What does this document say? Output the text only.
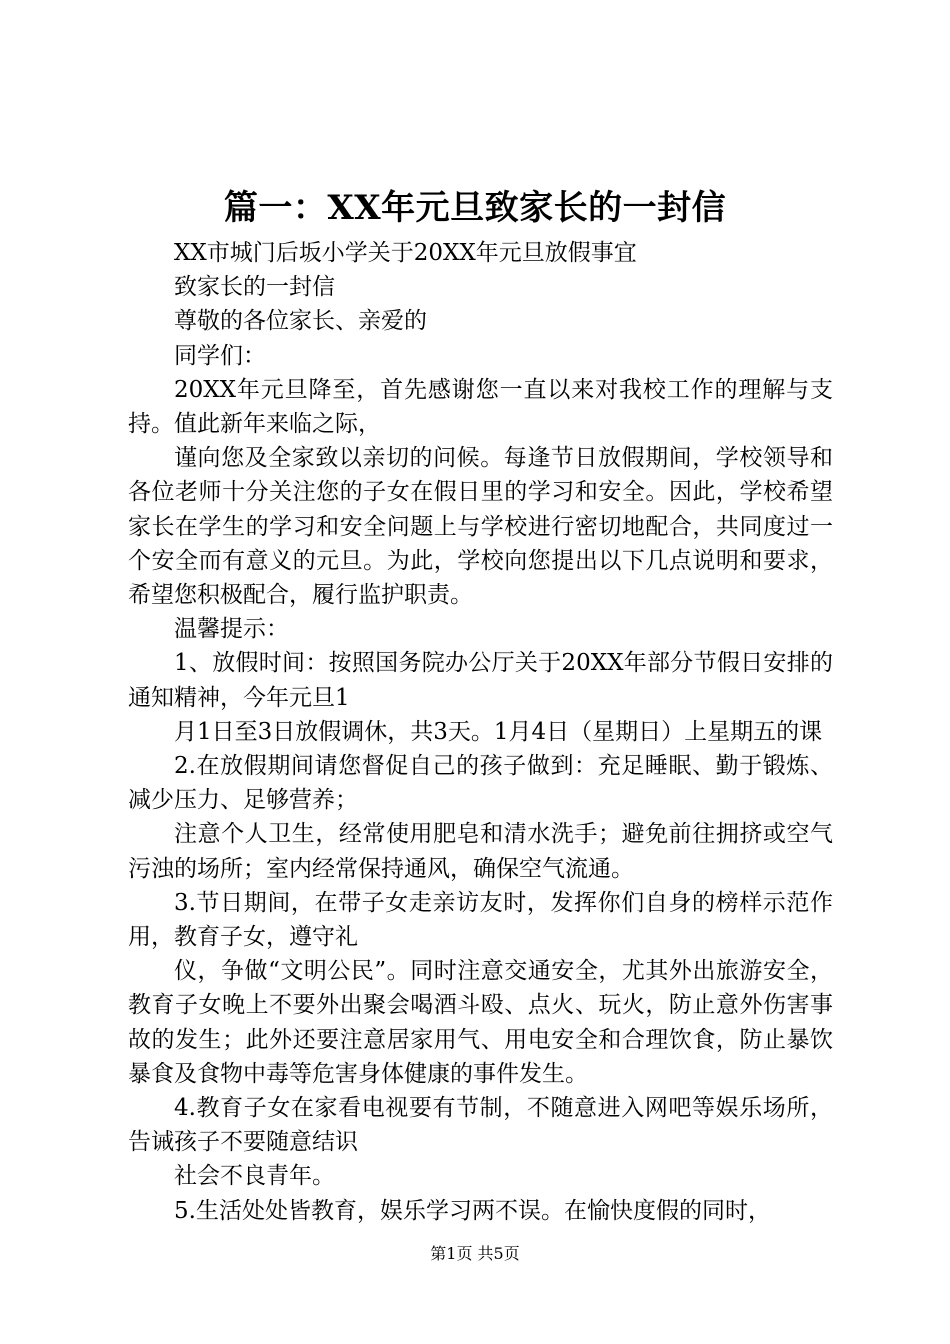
篇一：XX年元旦致家长的一封信

XX市城门后坂小学关于20XX年元旦放假事宜

致家长的一封信

尊敬的各位家长、亲爱的

同学们：

20XX年元旦降至，首先感谢您一直以来对我校工作的理解与支持。值此新年来临之际，

谨向您及全家致以亲切的问候。每逢节日放假期间，学校领导和各位老师十分关注您的子女在假日里的学习和安全。因此，学校希望家长在学生的学习和安全问题上与学校进行密切地配合，共同度过一个安全而有意义的元旦。为此，学校向您提出以下几点说明和要求，希望您积极配合，履行监护职责。

温馨提示：

1、放假时间：按照国务院办公厅关于20XX年部分节假日安排的通知精神，今年元旦1

月1日至3日放假调休，共3天。1月4日（星期日）上星期五的课

2.在放假期间请您督促自己的孩子做到：充足睡眠、勤于锻炼、减少压力、足够营养；

注意个人卫生，经常使用肥皂和清水洗手；避免前往拥挤或空气污浊的场所；室内经常保持通风，确保空气流通。

3.节日期间，在带子女走亲访友时，发挥你们自身的榜样示范作用，教育子女，遵守礼

仪，争做“文明公民”。同时注意交通安全，尤其外出旅游安全，教育子女晚上不要外出聚会喝酒斗殴、点火、玩火，防止意外伤害事故的发生；此外还要注意居家用气、用电安全和合理饮食，防止暴饮暴食及食物中毒等危害身体健康的事件发生。

4.教育子女在家看电视要有节制，不随意进入网吧等娱乐场所，告诫孩子不要随意结识

社会不良青年。

5.生活处处皆教育，娱乐学习两不误。在愉快度假的同时，

第1页 共5页
